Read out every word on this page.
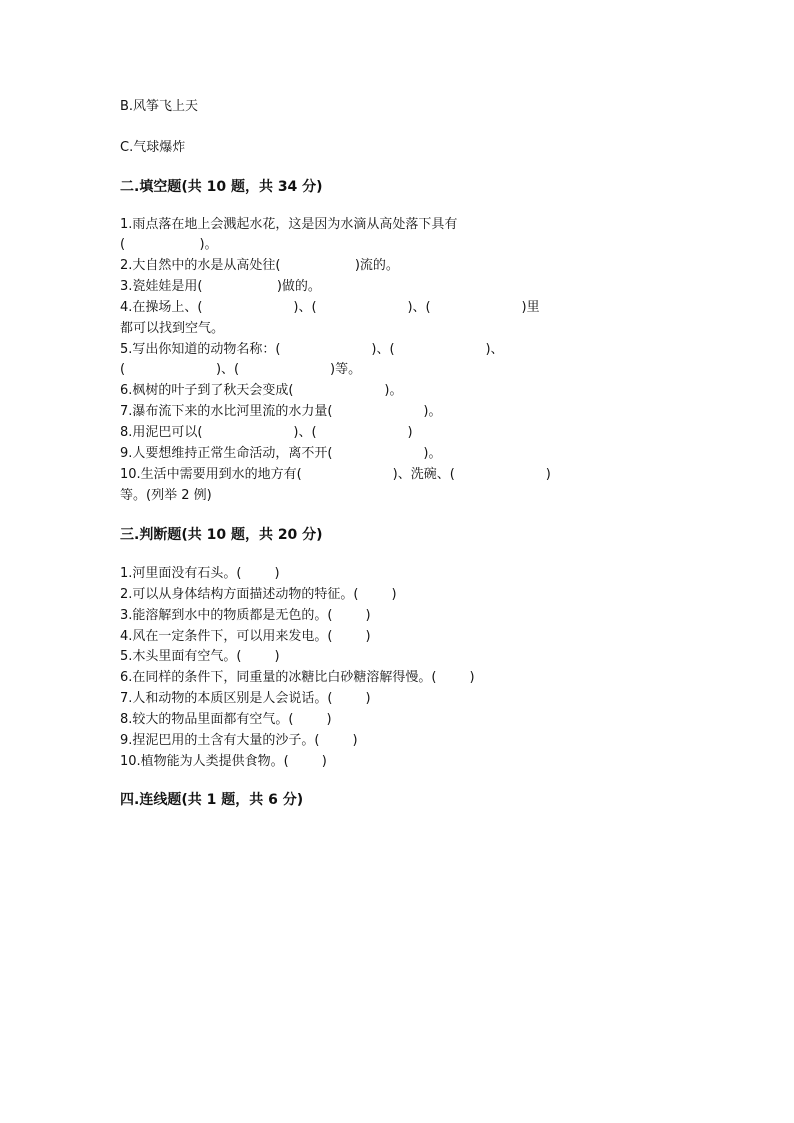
B.风筝飞上天
C.气球爆炸
二.填空题(共 10 题，共 34 分)
1.雨点落在地上会溅起水花，这是因为水滴从高处落下具有
(                  )。
2.大自然中的水是从高处往(                  )流的。
3.瓷娃娃是用(                  )做的。
4.在操场上、(                      )、(                      )、(                      )里
都可以找到空气。
5.写出你知道的动物名称：(                      )、(                      )、
(                      )、(                      )等。
6.枫树的叶子到了秋天会变成(                      )。
7.瀑布流下来的水比河里流的水力量(                      )。
8.用泥巴可以(                      )、(                      )
9.人要想维持正常生命活动，离不开(                      )。
10.生活中需要用到水的地方有(                      )、洗碗、(                      )
等。(列举 2 例)
三.判断题(共 10 题，共 20 分)
1.河里面没有石头。(        )
2.可以从身体结构方面描述动物的特征。(        )
3.能溶解到水中的物质都是无色的。(        )
4.风在一定条件下，可以用来发电。(        )
5.木头里面有空气。(        )
6.在同样的条件下，同重量的冰糖比白砂糖溶解得慢。(        )
7.人和动物的本质区别是人会说话。(        )
8.较大的物品里面都有空气。(        )
9.捏泥巴用的土含有大量的沙子。(        )
10.植物能为人类提供食物。(        )
四.连线题(共 1 题，共 6 分)
